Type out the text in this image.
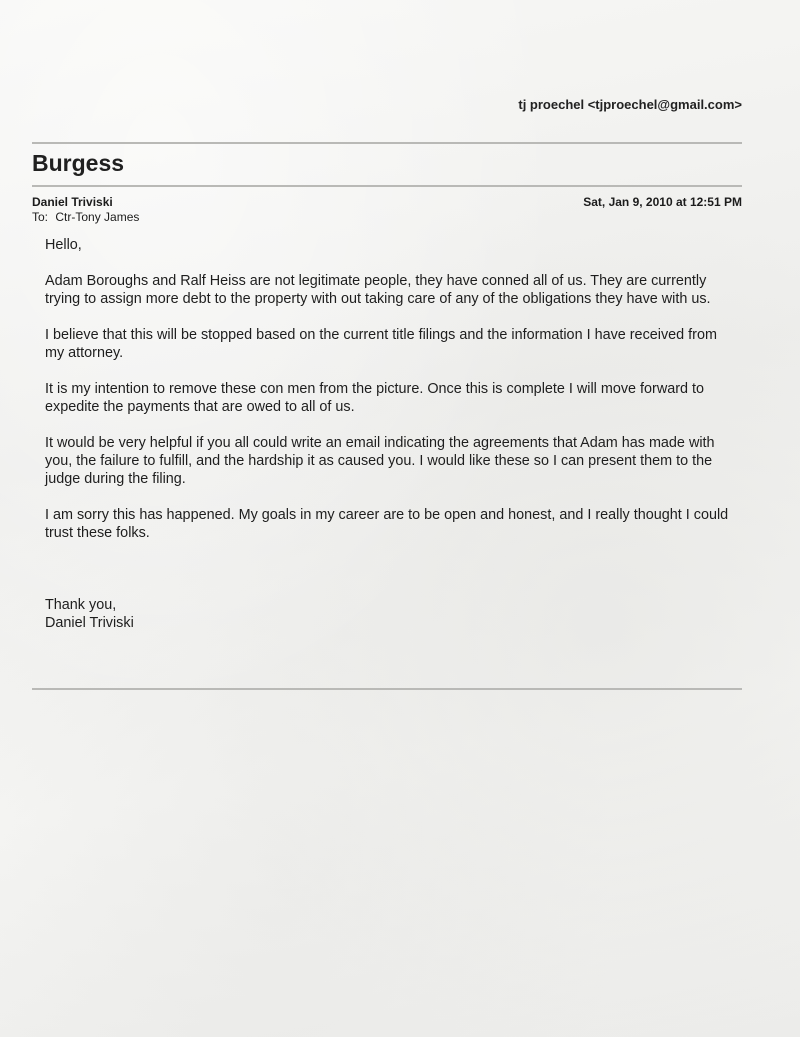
tj proechel <tjproechel@gmail.com>
Burgess
Daniel Triviski	Sat, Jan 9, 2010 at 12:51 PM
To: Ctr-Tony James

Hello,

Adam Boroughs and Ralf Heiss are not legitimate people, they have conned all of us. They are currently trying to assign more debt to the property with out taking care of any of the obligations they have with us.

I believe that this will be stopped based on the current title filings and the information I have received from my attorney.

It is my intention to remove these con men from the picture. Once this is complete I will move forward to expedite the payments that are owed to all of us.

It would be very helpful if you all could write an email indicating the agreements that Adam has made with you, the failure to fulfill, and the hardship it as caused you. I would like these so I can present them to the judge during the filing.

I am sorry this has happened. My goals in my career are to be open and honest, and I really thought I could trust these folks.

Thank you,
Daniel Triviski
